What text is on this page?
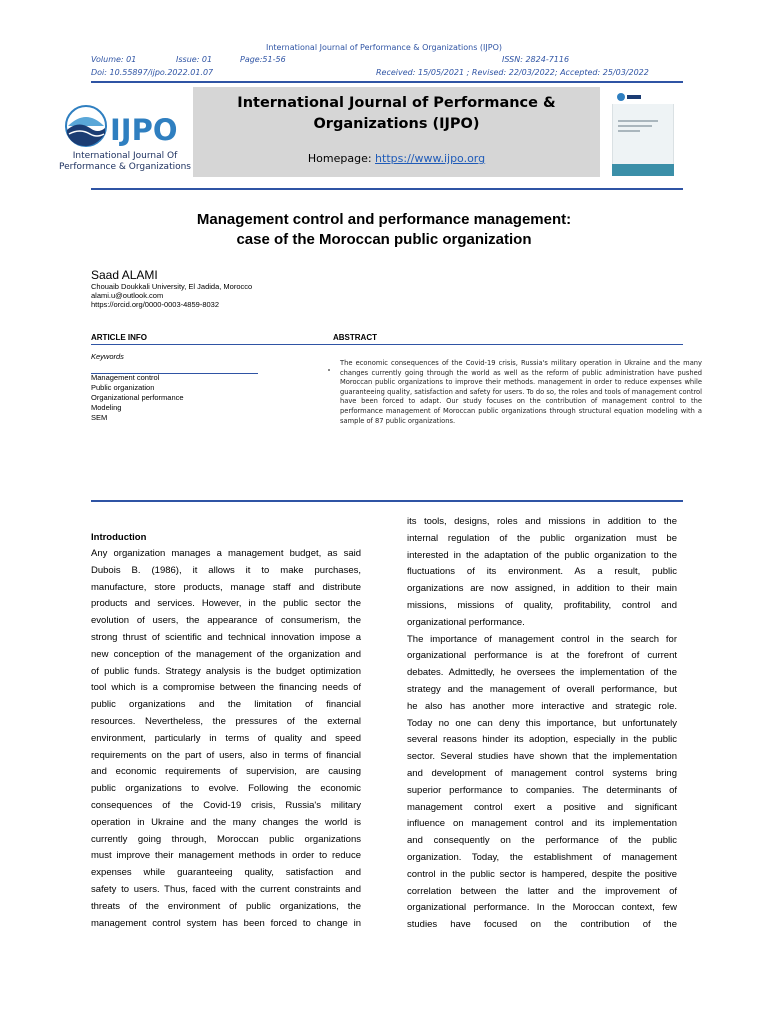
International Journal of Performance & Organizations (IJPO)
Volume: 01	Issue: 01	Page:51-56	ISSN: 2824-7116
Doi: 10.55897/ijpo.2022.01.07	Received: 15/05/2021 ; Revised: 22/03/2022; Accepted: 25/03/2022
IJPO
International Journal Of
Performance & Organizations
International Journal of Performance &
Organizations (IJPO)
Homepage: https://www.ijpo.org
Management control and performance management:
case of the Moroccan public organization
Saad ALAMI
Chouaib Doukkali University, El Jadida, Morocco
alami.u@outlook.com
https://orcid.org/0000-0003-4859-8032
ARTICLE INFO	ABSTRACT
Keywords
Management control
Public organization
Organizational performance
Modeling
SEM
The economic consequences of the Covid-19 crisis, Russia's military operation in Ukraine and the many changes currently going through the world as well as the reform of public administration have pushed Moroccan public organizations to improve their methods. management in order to reduce expenses while guaranteeing quality, satisfaction and safety for users. To do so, the roles and tools of management control have been forced to adapt. Our study focuses on the contribution of management control to the performance management of Moroccan public organizations through structural equation modeling with a sample of 87 public organizations.
Introduction
Any organization manages a management budget, as said
Dubois B. (1986), it allows it to make purchases,
manufacture, store products, manage staff and distribute
products and services. However, in the public sector the
evolution of users, the appearance of consumerism, the
strong thrust of scientific and technical innovation impose a
new conception of the management of the organization and
of public funds. Strategy analysis is the budget optimization
tool which is a compromise between the financing needs of
public organizations and the limitation of financial
resources. Nevertheless, the pressures of the external
environment, particularly in terms of quality and speed
requirements on the part of users, also in terms of financial
and economic requirements of supervision, are causing
public organizations to evolve. Following the economic
consequences of the Covid-19 crisis, Russia's military
operation in Ukraine and the many changes the world is
currently going through, Moroccan public organizations
must improve their management methods in order to reduce
expenses while guaranteeing quality, satisfaction and
safety to users. Thus, faced with the current constraints and
threats of the environment of public organizations, the
management control system has been forced to change in
its tools, designs, roles and missions in addition to the
internal regulation of the public organization must be
interested in the adaptation of the public organization to the
fluctuations of its environment. As a result, public
organizations are now assigned, in addition to their main
missions, missions of quality, profitability, control and
organizational performance.
The importance of management control in the search for
organizational performance is at the forefront of current
debates. Admittedly, he oversees the implementation of the
strategy and the management of overall performance, but
he also has another more interactive and strategic role.
Today no one can deny this importance, but unfortunately
several reasons hinder its adoption, especially in the public
sector. Several studies have shown that the implementation
and development of management control systems bring
superior performance to companies. The determinants of
management control exert a positive and significant
influence on management control and its implementation
and consequently on the performance of the public
organization. Today, the establishment of management
control in the public sector is hampered, despite the positive
correlation between the latter and the improvement of
organizational performance. In the Moroccan context, few
studies have focused on the contribution of the
